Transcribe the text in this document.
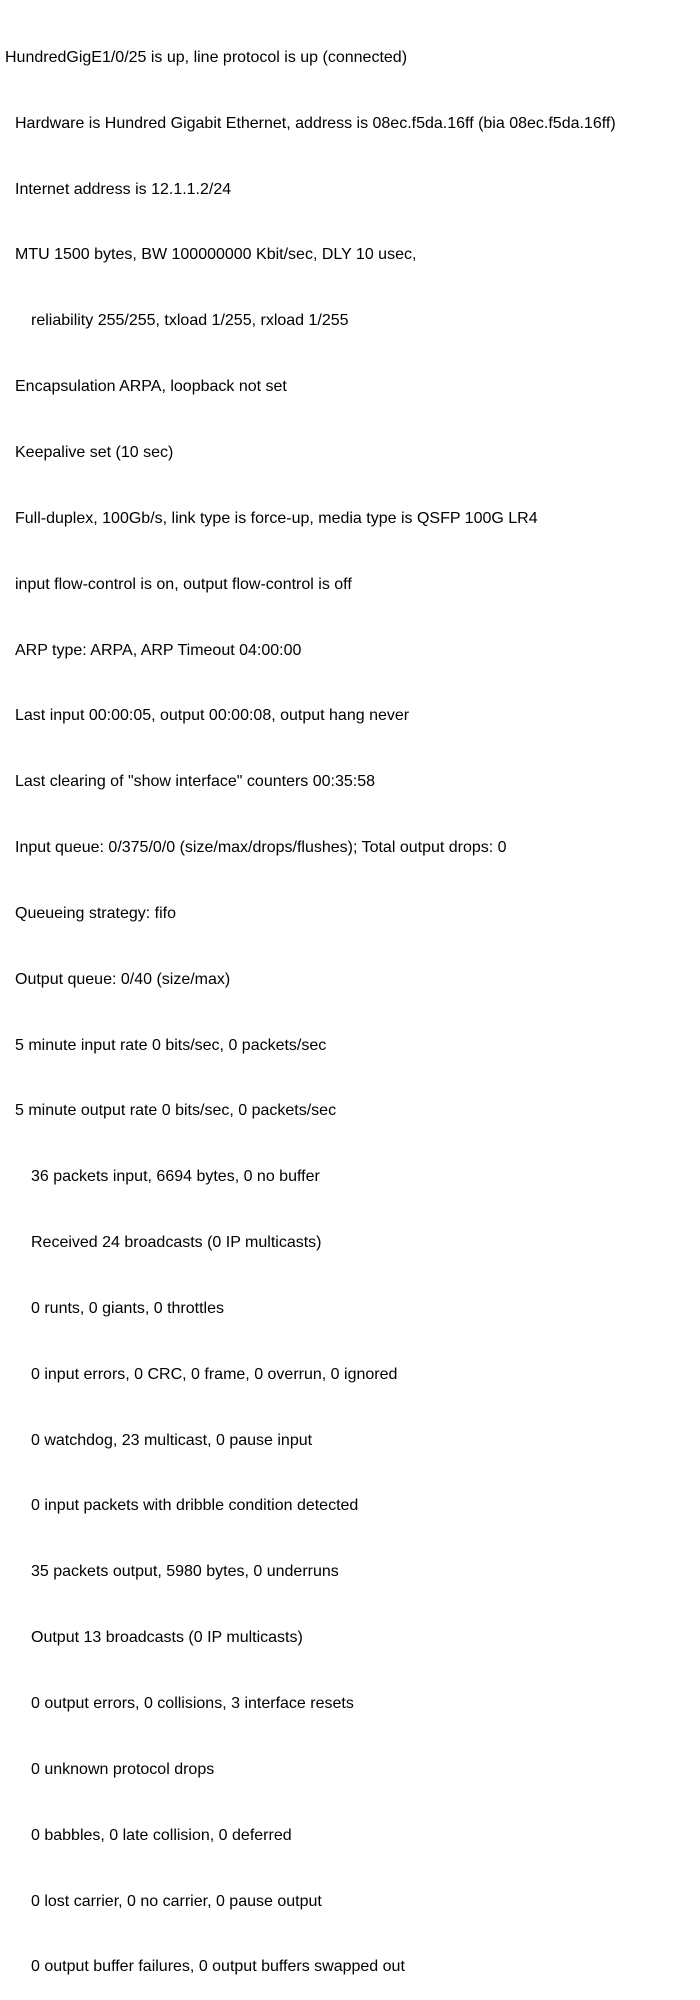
HundredGigE1/0/25 is up, line protocol is up (connected)

Hardware is Hundred Gigabit Ethernet, address is 08ec.f5da.16ff (bia 08ec.f5da.16ff)

Internet address is 12.1.1.2/24

MTU 1500 bytes, BW 100000000 Kbit/sec, DLY 10 usec,

reliability 255/255, txload 1/255, rxload 1/255

Encapsulation ARPA, loopback not set

Keepalive set (10 sec)

Full-duplex, 100Gb/s, link type is force-up, media type is QSFP 100G LR4

input flow-control is on, output flow-control is off

ARP type: ARPA, ARP Timeout 04:00:00

Last input 00:00:05, output 00:00:08, output hang never

Last clearing of "show interface" counters 00:35:58

Input queue: 0/375/0/0 (size/max/drops/flushes); Total output drops: 0

Queueing strategy: fifo

Output queue: 0/40 (size/max)

5 minute input rate 0 bits/sec, 0 packets/sec

5 minute output rate 0 bits/sec, 0 packets/sec

36 packets input, 6694 bytes, 0 no buffer

Received 24 broadcasts (0 IP multicasts)

0 runts, 0 giants, 0 throttles

0 input errors, 0 CRC, 0 frame, 0 overrun, 0 ignored

0 watchdog, 23 multicast, 0 pause input

0 input packets with dribble condition detected

35 packets output, 5980 bytes, 0 underruns

Output 13 broadcasts (0 IP multicasts)

0 output errors, 0 collisions, 3 interface resets

0 unknown protocol drops

0 babbles, 0 late collision, 0 deferred

0 lost carrier, 0 no carrier, 0 pause output

0 output buffer failures, 0 output buffers swapped out
